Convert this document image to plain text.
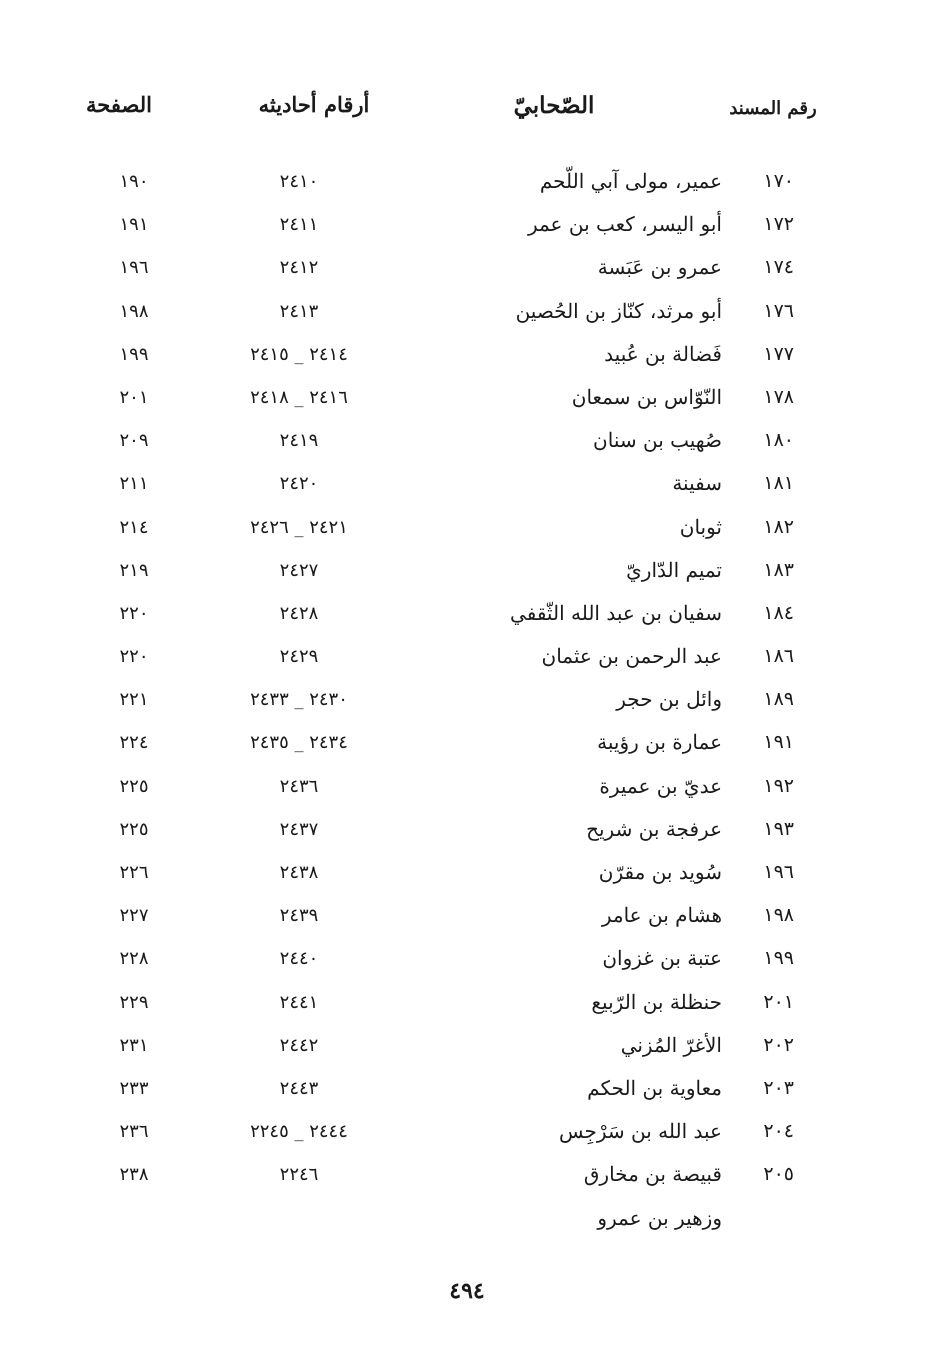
رقم المسند
الصّحابيّ
أرقام أحاديثه
الصفحة
١٧٠
عمير، مولى آبي اللّحم
٢٤١٠
١٩٠
١٧٢
أبو اليسر، كعب بن عمر
٢٤١١
١٩١
١٧٤
عمرو بن عَبَسة
٢٤١٢
١٩٦
١٧٦
أبو مرثد، كنّاز بن الحُصين
٢٤١٣
١٩٨
١٧٧
فَضالة بن عُبيد
٢٤١٤ _ ٢٤١٥
١٩٩
١٧٨
النّوّاس بن سمعان
٢٤١٦ _ ٢٤١٨
٢٠١
١٨٠
صُهيب بن سنان
٢٤١٩
٢٠٩
١٨١
سفينة
٢٤٢٠
٢١١
١٨٢
ثوبان
٢٤٢١ _ ٢٤٢٦
٢١٤
١٨٣
تميم الدّاريّ
٢٤٢٧
٢١٩
١٨٤
سفيان بن عبد الله الثّقفي
٢٤٢٨
٢٢٠
١٨٦
عبد الرحمن بن عثمان
٢٤٢٩
٢٢٠
١٨٩
وائل بن حجر
٢٤٣٠ _ ٢٤٣٣
٢٢١
١٩١
عمارة بن رؤيبة
٢٤٣٤ _ ٢٤٣٥
٢٢٤
١٩٢
عديّ بن عميرة
٢٤٣٦
٢٢٥
١٩٣
عرفجة بن شريح
٢٤٣٧
٢٢٥
١٩٦
سُويد بن مقرّن
٢٤٣٨
٢٢٦
١٩٨
هشام بن عامر
٢٤٣٩
٢٢٧
١٩٩
عتبة بن غزوان
٢٤٤٠
٢٢٨
٢٠١
حنظلة بن الرّبيع
٢٤٤١
٢٢٩
٢٠٢
الأغرّ المُزني
٢٤٤٢
٢٣١
٢٠٣
معاوية بن الحكم
٢٤٤٣
٢٣٣
٢٠٤
عبد الله بن سَرْجِس
٢٤٤٤ _ ٢٢٤٥
٢٣٦
٢٠٥
قبيصة بن مخارق
٢٢٤٦
٢٣٨
وزهير بن عمرو
٤٩٤
